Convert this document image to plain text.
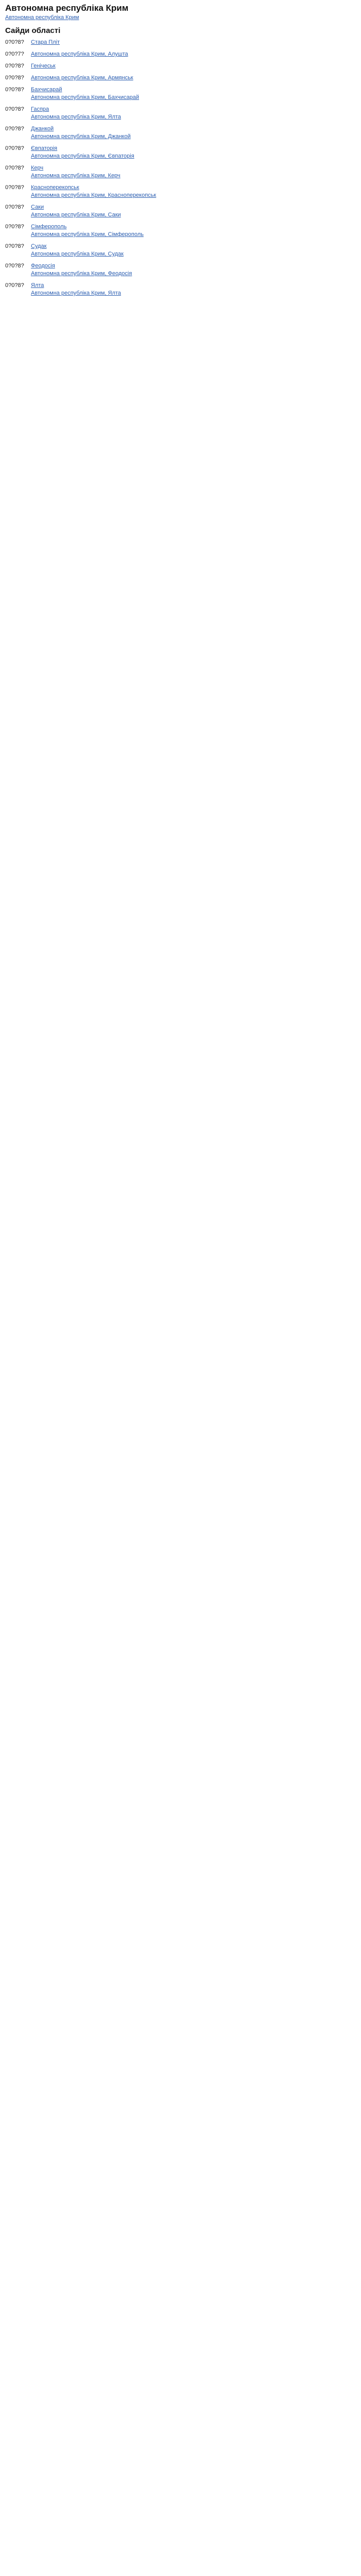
Автономна республіка Крим
Автономна республіка Крим

Сайди області
0?0?8?	Стара Пліт
0?0?7?	Автономна республіка Крим, Алушта
0?0?8?	Генічеськ
0?0?8?	Автономна республіка Крим, Армянськ
0?0?8?	Бахчисарай
Автономна республіка Крим, Бахчисарай
0?0?8?	Гаспра
Автономна республіка Крим, Ялта
0?0?8?	Джанкой
Автономна республіка Крим, Джанкой
0?0?8?	Євпаторія
Автономна республіка Крим, Євпаторія
0?0?8?	Керч
Автономна республіка Крим, Керч
0?0?8?	Красноперекопськ
Автономна республіка Крим, Красноперекопськ
0?0?8?	Саки
Автономна республіка Крим, Саки
0?0?8?	Сімферополь
Автономна республіка Крим, Сімферополь
0?0?8?	Судак
Автономна республіка Крим, Судак
0?0?8?	Феодосія
Автономна республіка Крим, Феодосія
0?0?8?	Ялта
Автономна республіка Крим, Ялта
